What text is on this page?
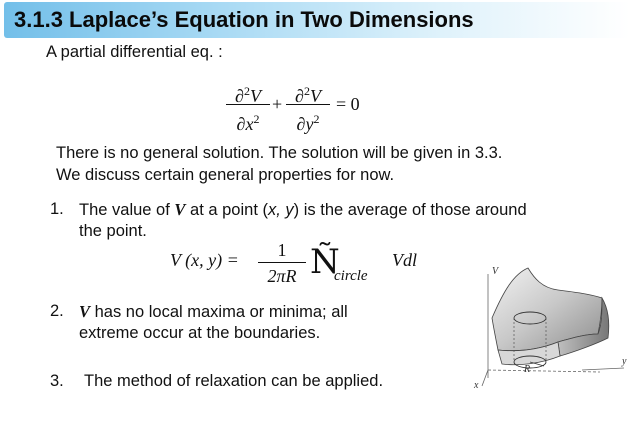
3.1.3 Laplace’s Equation in Two Dimensions
A partial differential eq. :
∂$^2$V
$\partial x^2$
+ ∂$^2$V
$\partial y^2$
= 0
There is no general solution. The solution will be given in 3.3.
We discuss certain general properties for now.
1. The value of V at a point (x, y) is the average of those around
the point.
V (x, y) =	1
2πR Ñ
circle
Vdl
2. V has no local maxima or minima; all
extreme occur at the boundaries.
3. The method of relaxation can be applied.
V
x
y
R
